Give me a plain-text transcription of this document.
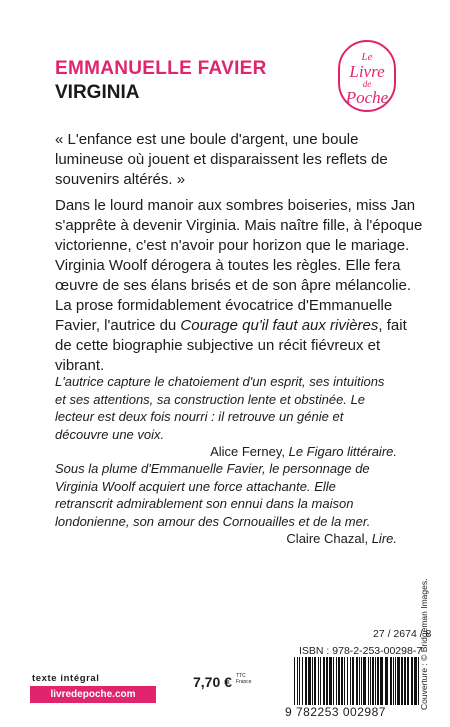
EMMANUELLE FAVIER
VIRGINIA
Le
Livre
de
Poche
« L'enfance est une boule d'argent, une boule lumineuse où jouent et disparaissent les reflets de souvenirs altérés. »
Dans le lourd manoir aux sombres boiseries, miss Jan s'apprête à devenir Virginia. Mais naître fille, à l'époque victorienne, c'est n'avoir pour horizon que le mariage. Virginia Woolf dérogera à toutes les règles. Elle fera œuvre de ses élans brisés et de son âpre mélancolie. La prose formidablement évocatrice d'Emmanuelle Favier, l'autrice du Courage qu'il faut aux rivières, fait de cette biographie subjective un récit fiévreux et vibrant.
L'autrice capture le chatoiement d'un esprit, ses intuitions et ses attentions, sa construction lente et obstinée. Le lecteur est deux fois nourri : il retrouve un génie et découvre une voix.
Alice Ferney, Le Figaro littéraire.
Sous la plume d'Emmanuelle Favier, le personnage de Virginia Woolf acquiert une force attachante. Elle retranscrit admirablement son ennui dans la maison londonienne, son amour des Cornouailles et de la mer.
Claire Chazal, Lire.
Couverture : © Bridgeman Images.
texte intégral
livredepoche.com
7,70 € TTC
France
27 / 2674 / 8
ISBN : 978-2-253-00298-7
9 782253 002987
